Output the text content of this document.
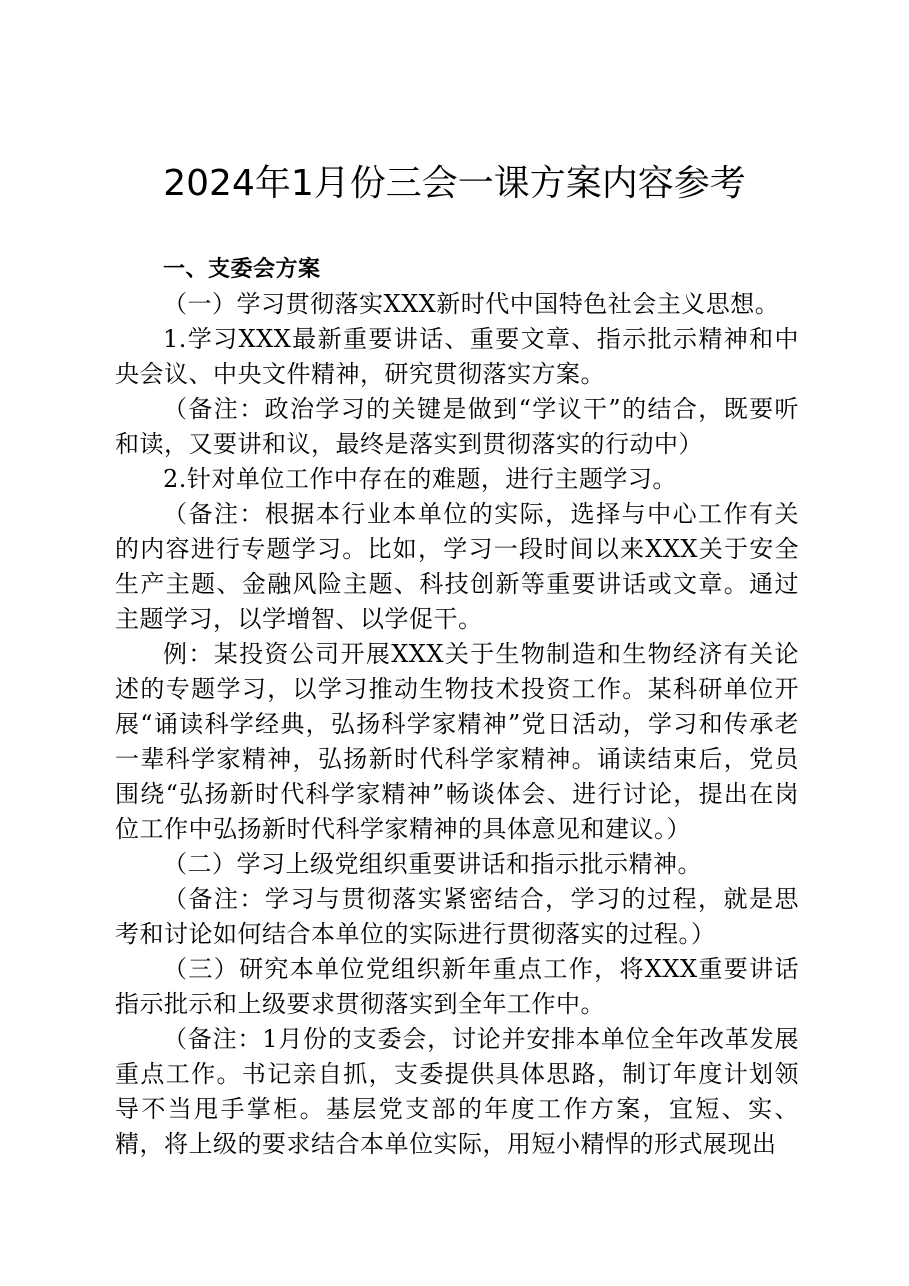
2024年1月份三会一课方案内容参考

一、支委会方案

（一）学习贯彻落实XXX新时代中国特色社会主义思想。

1.学习XXX最新重要讲话、重要文章、指示批示精神和中央会议、中央文件精神，研究贯彻落实方案。

（备注：政治学习的关键是做到“学议干”的结合，既要听和读，又要讲和议，最终是落实到贯彻落实的行动中）

2.针对单位工作中存在的难题，进行主题学习。

（备注：根据本行业本单位的实际，选择与中心工作有关的内容进行专题学习。比如，学习一段时间以来XXX关于安全生产主题、金融风险主题、科技创新等重要讲话或文章。通过主题学习，以学增智、以学促干。

例：某投资公司开展XXX关于生物制造和生物经济有关论述的专题学习，以学习推动生物技术投资工作。某科研单位开展“诵读科学经典，弘扬科学家精神”党日活动，学习和传承老一辈科学家精神，弘扬新时代科学家精神。诵读结束后，党员围绕“弘扬新时代科学家精神”畅谈体会、进行讨论，提出在岗位工作中弘扬新时代科学家精神的具体意见和建议。）

（二）学习上级党组织重要讲话和指示批示精神。

（备注：学习与贯彻落实紧密结合，学习的过程，就是思考和讨论如何结合本单位的实际进行贯彻落实的过程。）

（三）研究本单位党组织新年重点工作，将XXX重要讲话指示批示和上级要求贯彻落实到全年工作中。

（备注：1月份的支委会，讨论并安排本单位全年改革发展重点工作。书记亲自抓，支委提供具体思路，制订年度计划领导不当甩手掌柜。基层党支部的年度工作方案，宜短、实、精，将上级的要求结合本单位实际，用短小精悍的形式展现出
